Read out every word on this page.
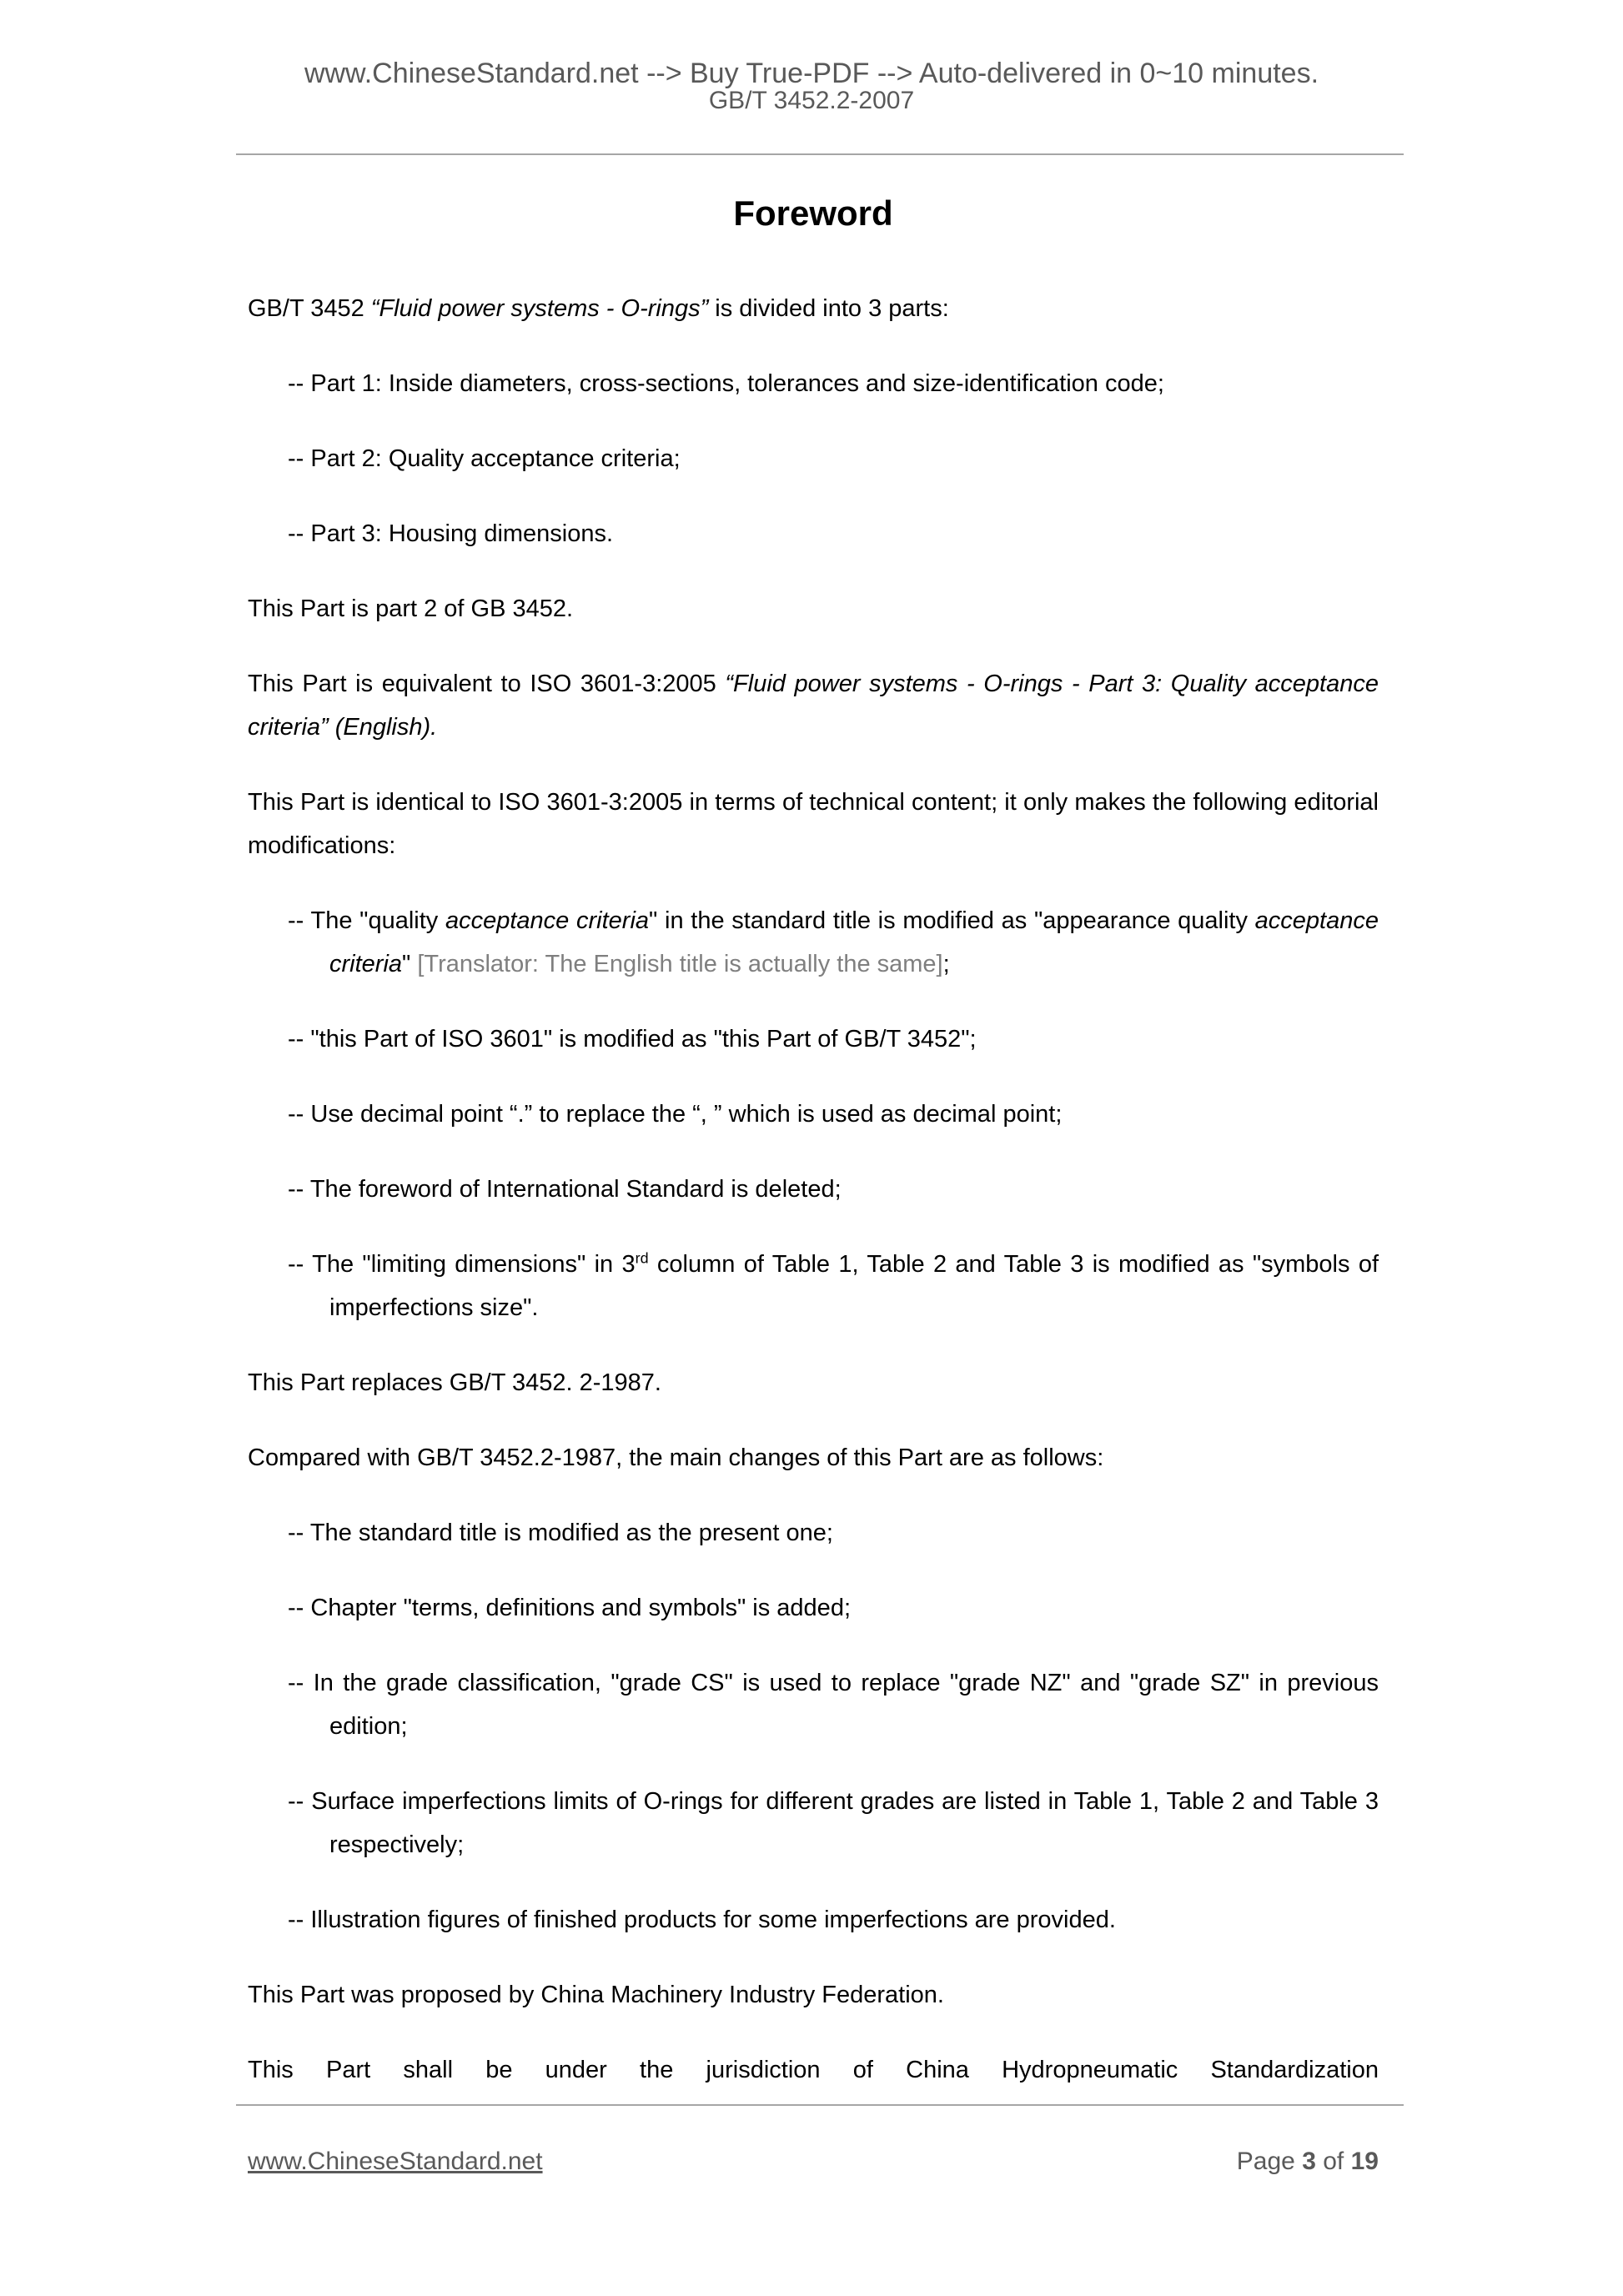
www.ChineseStandard.net --> Buy True-PDF --> Auto-delivered in 0~10 minutes.
GB/T 3452.2-2007
Foreword
GB/T 3452 “Fluid power systems - O-rings” is divided into 3 parts:
-- Part 1: Inside diameters, cross-sections, tolerances and size-identification code;
-- Part 2: Quality acceptance criteria;
-- Part 3: Housing dimensions.
This Part is part 2 of GB 3452.
This Part is equivalent to ISO 3601-3:2005 “Fluid power systems - O-rings - Part 3: Quality acceptance criteria” (English).
This Part is identical to ISO 3601-3:2005 in terms of technical content; it only makes the following editorial modifications:
-- The "quality acceptance criteria" in the standard title is modified as "appearance quality acceptance criteria" [Translator: The English title is actually the same];
-- "this Part of ISO 3601" is modified as "this Part of GB/T 3452";
-- Use decimal point “.” to replace the “, ” which is used as decimal point;
-- The foreword of International Standard is deleted;
-- The "limiting dimensions" in 3rd column of Table 1, Table 2 and Table 3 is modified as "symbols of imperfections size".
This Part replaces GB/T 3452. 2-1987.
Compared with GB/T 3452.2-1987, the main changes of this Part are as follows:
-- The standard title is modified as the present one;
-- Chapter "terms, definitions and symbols" is added;
-- In the grade classification, "grade CS" is used to replace "grade NZ" and "grade SZ" in previous edition;
-- Surface imperfections limits of O-rings for different grades are listed in Table 1, Table 2 and Table 3 respectively;
-- Illustration figures of finished products for some imperfections are provided.
This Part was proposed by China Machinery Industry Federation.
This Part shall be under the jurisdiction of China Hydropneumatic Standardization
www.ChineseStandard.net	Page 3 of 19
